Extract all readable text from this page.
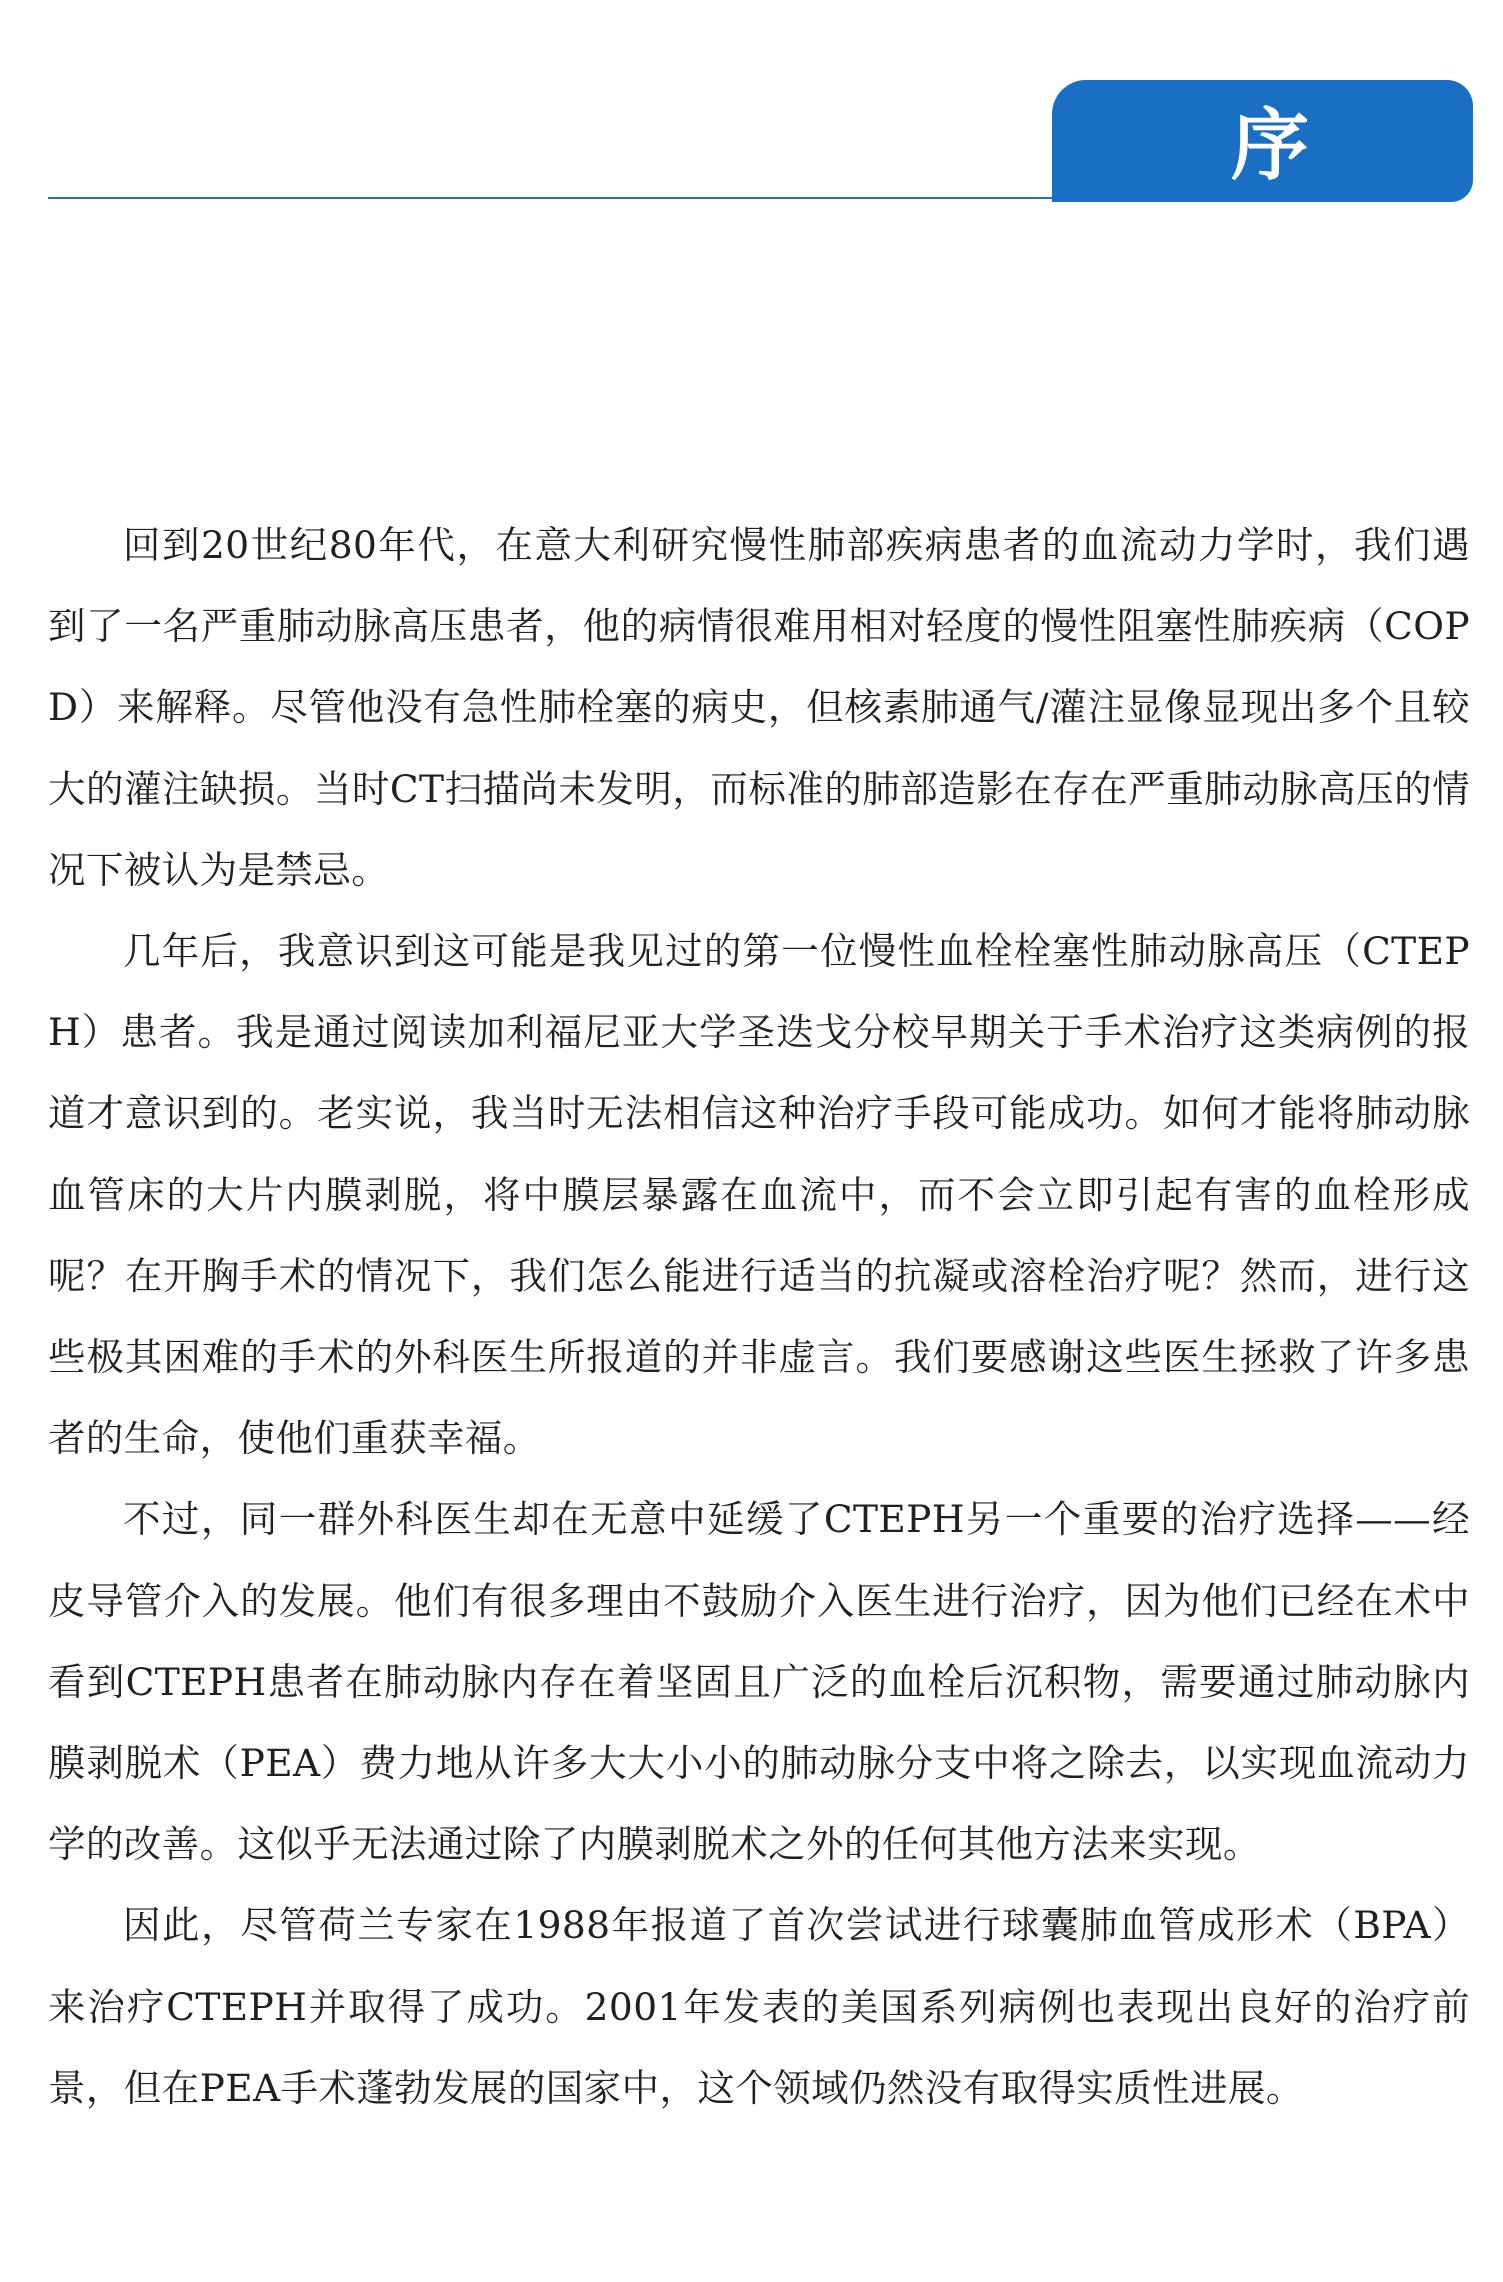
序

回到20世纪80年代，在意大利研究慢性肺部疾病患者的血流动力学时，我们遇到了一名严重肺动脉高压患者，他的病情很难用相对轻度的慢性阻塞性肺疾病（COPD）来解释。尽管他没有急性肺栓塞的病史，但核素肺通气/灌注显像显现出多个且较大的灌注缺损。当时CT扫描尚未发明，而标准的肺部造影在存在严重肺动脉高压的情况下被认为是禁忌。

几年后，我意识到这可能是我见过的第一位慢性血栓栓塞性肺动脉高压（CTEPH）患者。我是通过阅读加利福尼亚大学圣迭戈分校早期关于手术治疗这类病例的报道才意识到的。老实说，我当时无法相信这种治疗手段可能成功。如何才能将肺动脉血管床的大片内膜剥脱，将中膜层暴露在血流中，而不会立即引起有害的血栓形成呢？在开胸手术的情况下，我们怎么能进行适当的抗凝或溶栓治疗呢？然而，进行这些极其困难的手术的外科医生所报道的并非虚言。我们要感谢这些医生拯救了许多患者的生命，使他们重获幸福。

不过，同一群外科医生却在无意中延缓了CTEPH另一个重要的治疗选择——经皮导管介入的发展。他们有很多理由不鼓励介入医生进行治疗，因为他们已经在术中看到CTEPH患者在肺动脉内存在着坚固且广泛的血栓后沉积物，需要通过肺动脉内膜剥脱术（PEA）费力地从许多大大小小的肺动脉分支中将之除去，以实现血流动力学的改善。这似乎无法通过除了内膜剥脱术之外的任何其他方法来实现。

因此，尽管荷兰专家在1988年报道了首次尝试进行球囊肺血管成形术（BPA）来治疗CTEPH并取得了成功。2001年发表的美国系列病例也表现出良好的治疗前景，但在PEA手术蓬勃发展的国家中，这个领域仍然没有取得实质性进展。
